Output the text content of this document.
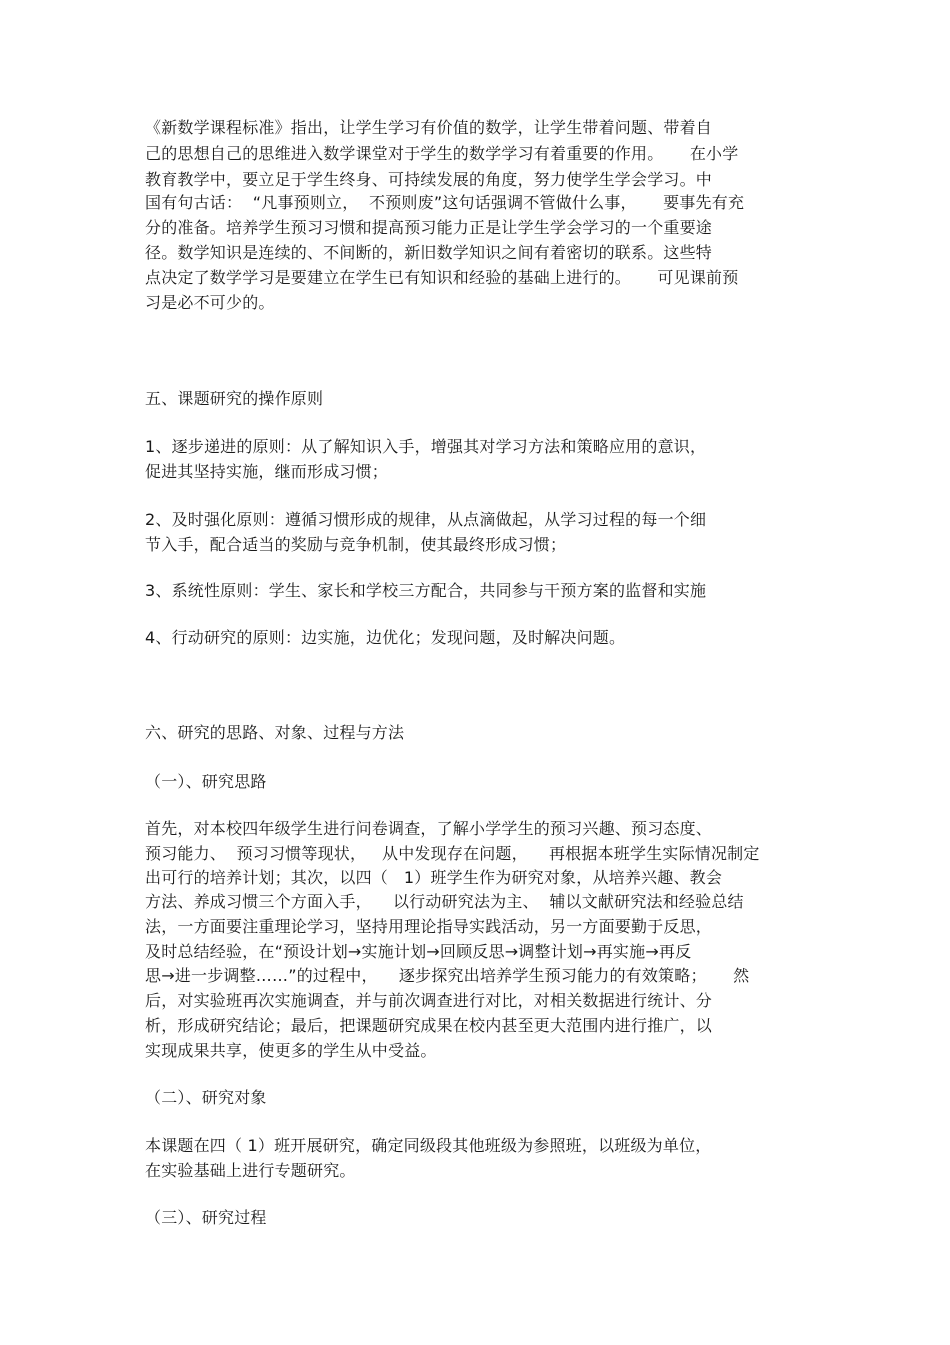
《新数学课程标准》指出，让学生学习有价值的数学，让学生带着问题、带着自
己的思想自己的思维进入数学课堂对于学生的数学学习有着重要的作用。     在小学
教育教学中，要立足于学生终身、可持续发展的角度，努力使学生学会学习。中
国有句古话：  “凡事预则立，  不预则废”这句话强调不管做什么事，     要事先有充
分的准备。培养学生预习习惯和提高预习能力正是让学生学会学习的一个重要途
径。数学知识是连续的、不间断的，新旧数学知识之间有着密切的联系。这些特
点决定了数学学习是要建立在学生已有知识和经验的基础上进行的。     可见课前预
习是必不可少的。
五、课题研究的操作原则
1、逐步递进的原则：从了解知识入手，增强其对学习方法和策略应用的意识，
促进其坚持实施，继而形成习惯；
2、及时强化原则：遵循习惯形成的规律，从点滴做起，从学习过程的每一个细
节入手，配合适当的奖励与竞争机制，使其最终形成习惯；
3、系统性原则：学生、家长和学校三方配合，共同参与干预方案的监督和实施
4、行动研究的原则：边实施，边优化；发现问题，及时解决问题。
六、研究的思路、对象、过程与方法
（一）、研究思路
首先，对本校四年级学生进行问卷调查，了解小学学生的预习兴趣、预习态度、
预习能力、  预习习惯等现状，   从中发现存在问题，    再根据本班学生实际情况制定
出可行的培养计划；其次，以四（   1）班学生作为研究对象，从培养兴趣、教会
方法、养成习惯三个方面入手，    以行动研究法为主、  辅以文献研究法和经验总结
法，一方面要注重理论学习，坚持用理论指导实践活动，另一方面要勤于反思，
及时总结经验，在“预设计划→实施计划→回顾反思→调整计划→再实施→再反
思→进一步调整……”的过程中，    逐步探究出培养学生预习能力的有效策略；     然
后，对实验班再次实施调查，并与前次调查进行对比，对相关数据进行统计、分
析，形成研究结论；最后，把课题研究成果在校内甚至更大范围内进行推广，以
实现成果共享，使更多的学生从中受益。
（二）、研究对象
本课题在四（ 1）班开展研究，确定同级段其他班级为参照班，以班级为单位，
在实验基础上进行专题研究。
（三）、研究过程
